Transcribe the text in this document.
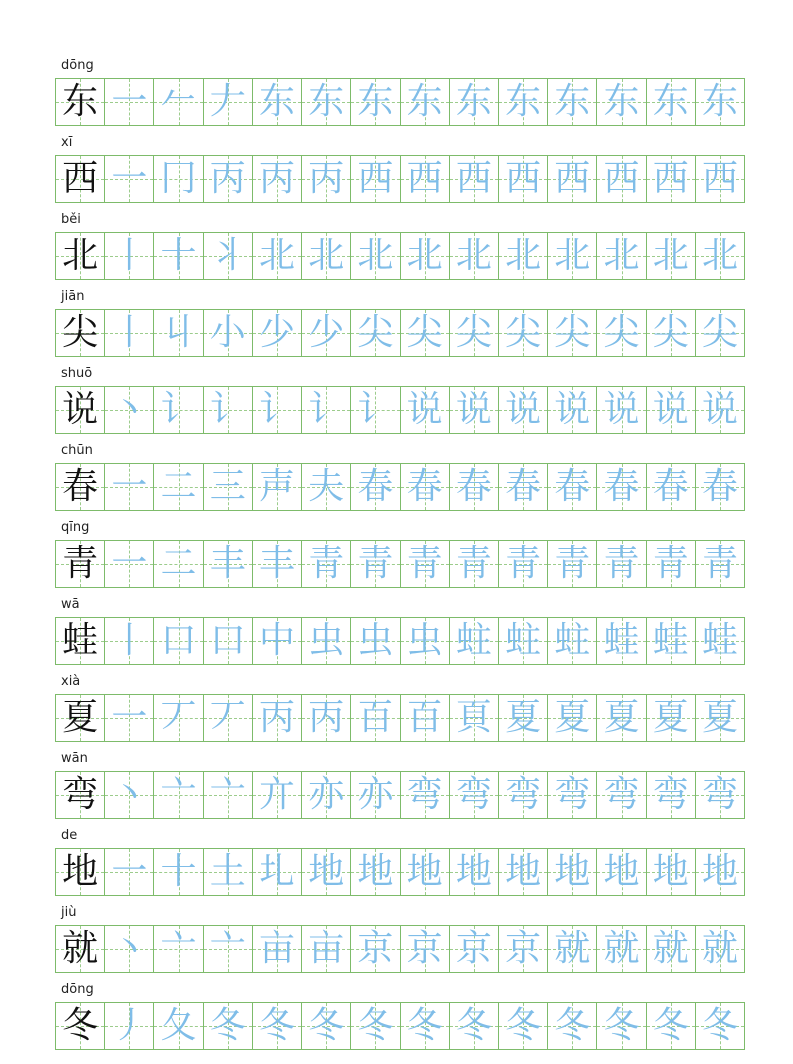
dōng
东 一 𠂉 𠂇 东 东 东 东 东 东 东 东 东 东
xī
西 一 冂 丙 丙 丙 西 西 西 西 西 西 西 西
běi
北 丨 十 丬 北 北 北 北 北 北 北 北 北 北
jiān
尖 丨 丩 小 少 少 尖 尖 尖 尖 尖 尖 尖 尖
shuō
说 丶 讠 讠 讠 讠 讠 说 说 说 说 说 说 说
chūn
春 一 二 三 声 夫 春 春 春 春 春 春 春 春
qīng
青 一 二 丰 丰 青 青 青 青 青 青 青 青 青
wā
蛙 丨 口 口 中 虫 虫 虫 蛀 蛀 蛀 蛙 蛙 蛙
xià
夏 一 丆 丆 丙 丙 百 百 頁 夏 夏 夏 夏 夏
wān
弯 丶 亠 亠 亣 亦 亦 弯 弯 弯 弯 弯 弯 弯
de
地 一 十 土 圠 地 地 地 地 地 地 地 地 地
jiù
就 丶 亠 亠 亩 亩 京 京 京 京 就 就 就 就
dōng
冬 丿 夂 冬 冬 冬 冬 冬 冬 冬 冬 冬 冬 冬
